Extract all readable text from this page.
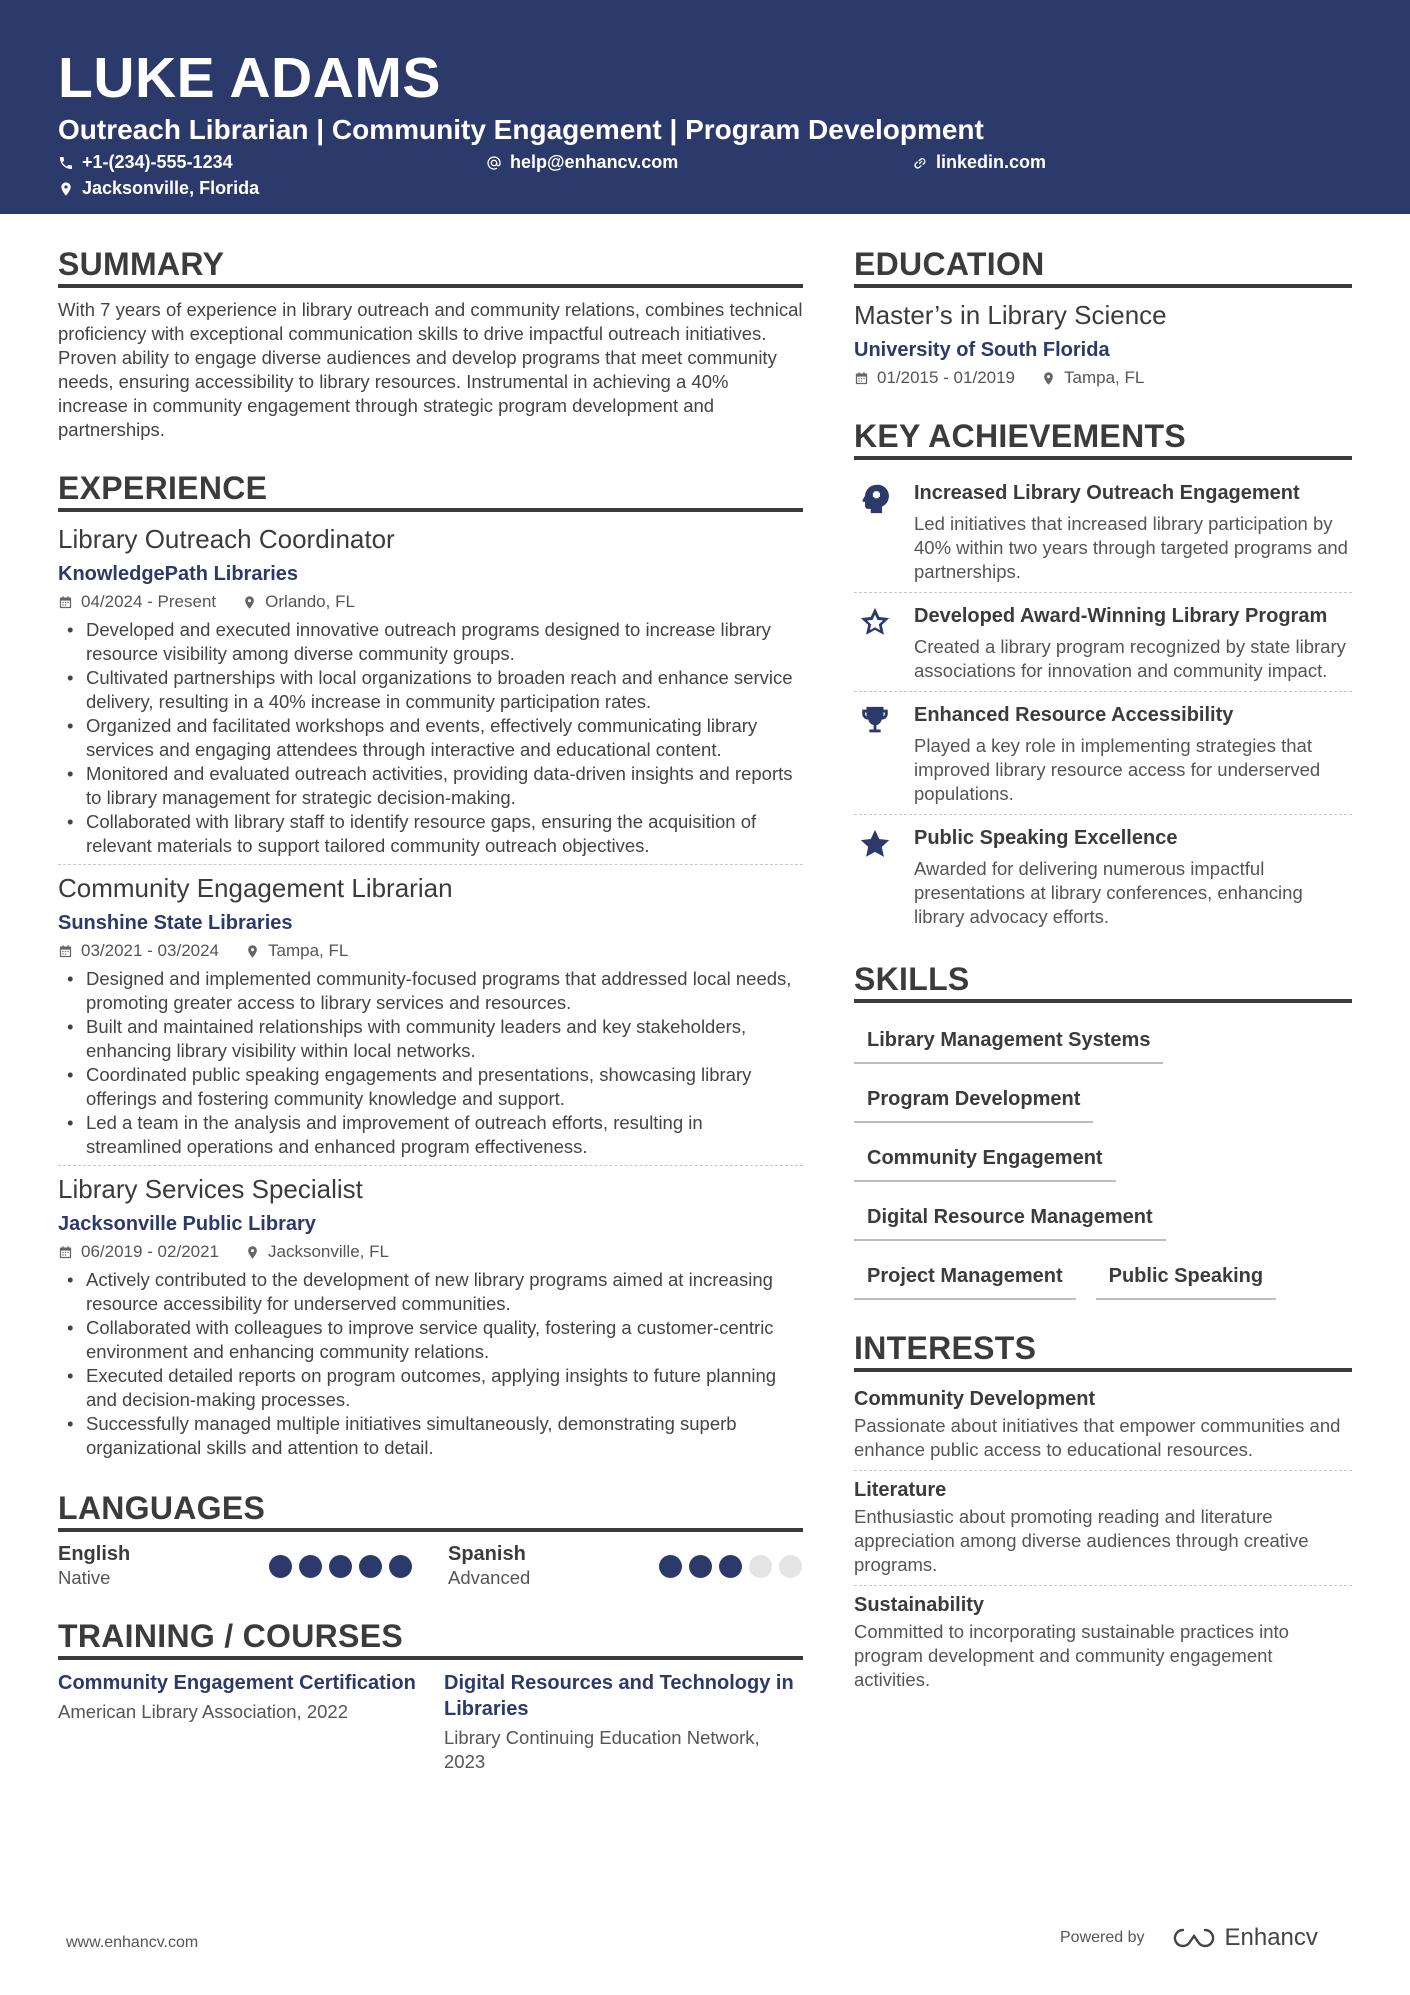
LUKE ADAMS
Outreach Librarian | Community Engagement | Program Development
+1-(234)-555-1234	help@enhancv.com	linkedin.com
Jacksonville, Florida
SUMMARY
With 7 years of experience in library outreach and community relations, combines technical proficiency with exceptional communication skills to drive impactful outreach initiatives. Proven ability to engage diverse audiences and develop programs that meet community needs, ensuring accessibility to library resources. Instrumental in achieving a 40% increase in community engagement through strategic program development and partnerships.
EXPERIENCE
Library Outreach Coordinator
KnowledgePath Libraries
04/2024 - Present	Orlando, FL
• Developed and executed innovative outreach programs designed to increase library resource visibility among diverse community groups.
• Cultivated partnerships with local organizations to broaden reach and enhance service delivery, resulting in a 40% increase in community participation rates.
• Organized and facilitated workshops and events, effectively communicating library services and engaging attendees through interactive and educational content.
• Monitored and evaluated outreach activities, providing data-driven insights and reports to library management for strategic decision-making.
• Collaborated with library staff to identify resource gaps, ensuring the acquisition of relevant materials to support tailored community outreach objectives.
Community Engagement Librarian
Sunshine State Libraries
03/2021 - 03/2024	Tampa, FL
• Designed and implemented community-focused programs that addressed local needs, promoting greater access to library services and resources.
• Built and maintained relationships with community leaders and key stakeholders, enhancing library visibility within local networks.
• Coordinated public speaking engagements and presentations, showcasing library offerings and fostering community knowledge and support.
• Led a team in the analysis and improvement of outreach efforts, resulting in streamlined operations and enhanced program effectiveness.
Library Services Specialist
Jacksonville Public Library
06/2019 - 02/2021	Jacksonville, FL
• Actively contributed to the development of new library programs aimed at increasing resource accessibility for underserved communities.
• Collaborated with colleagues to improve service quality, fostering a customer-centric environment and enhancing community relations.
• Executed detailed reports on program outcomes, applying insights to future planning and decision-making processes.
• Successfully managed multiple initiatives simultaneously, demonstrating superb organizational skills and attention to detail.
LANGUAGES
English
Native
Spanish
Advanced
TRAINING / COURSES
Community Engagement Certification
American Library Association, 2022
Digital Resources and Technology in Libraries
Library Continuing Education Network, 2023
EDUCATION
Master’s in Library Science
University of South Florida
01/2015 - 01/2019	Tampa, FL
KEY ACHIEVEMENTS
Increased Library Outreach Engagement
Led initiatives that increased library participation by 40% within two years through targeted programs and partnerships.
Developed Award-Winning Library Program
Created a library program recognized by state library associations for innovation and community impact.
Enhanced Resource Accessibility
Played a key role in implementing strategies that improved library resource access for underserved populations.
Public Speaking Excellence
Awarded for delivering numerous impactful presentations at library conferences, enhancing library advocacy efforts.
SKILLS
Library Management Systems
Program Development
Community Engagement
Digital Resource Management
Project Management	Public Speaking
INTERESTS
Community Development
Passionate about initiatives that empower communities and enhance public access to educational resources.
Literature
Enthusiastic about promoting reading and literature appreciation among diverse audiences through creative programs.
Sustainability
Committed to incorporating sustainable practices into program development and community engagement activities.
www.enhancv.com	Powered by	Enhancv
